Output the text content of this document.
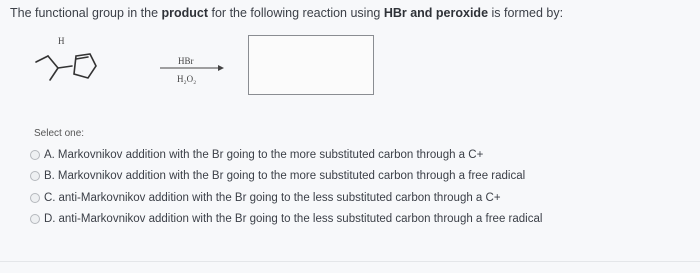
The functional group in the product for the following reaction using HBr and peroxide is formed by:
H
HBr
H₂O₂
Select one:
A. Markovnikov addition with the Br going to the more substituted carbon through a C+
B. Markovnikov addition with the Br going to the more substituted carbon through a free radical
C. anti-Markovnikov addition with the Br going to the less substituted carbon through a C+
D. anti-Markovnikov addition with the Br going to the less substituted carbon through a free radical
